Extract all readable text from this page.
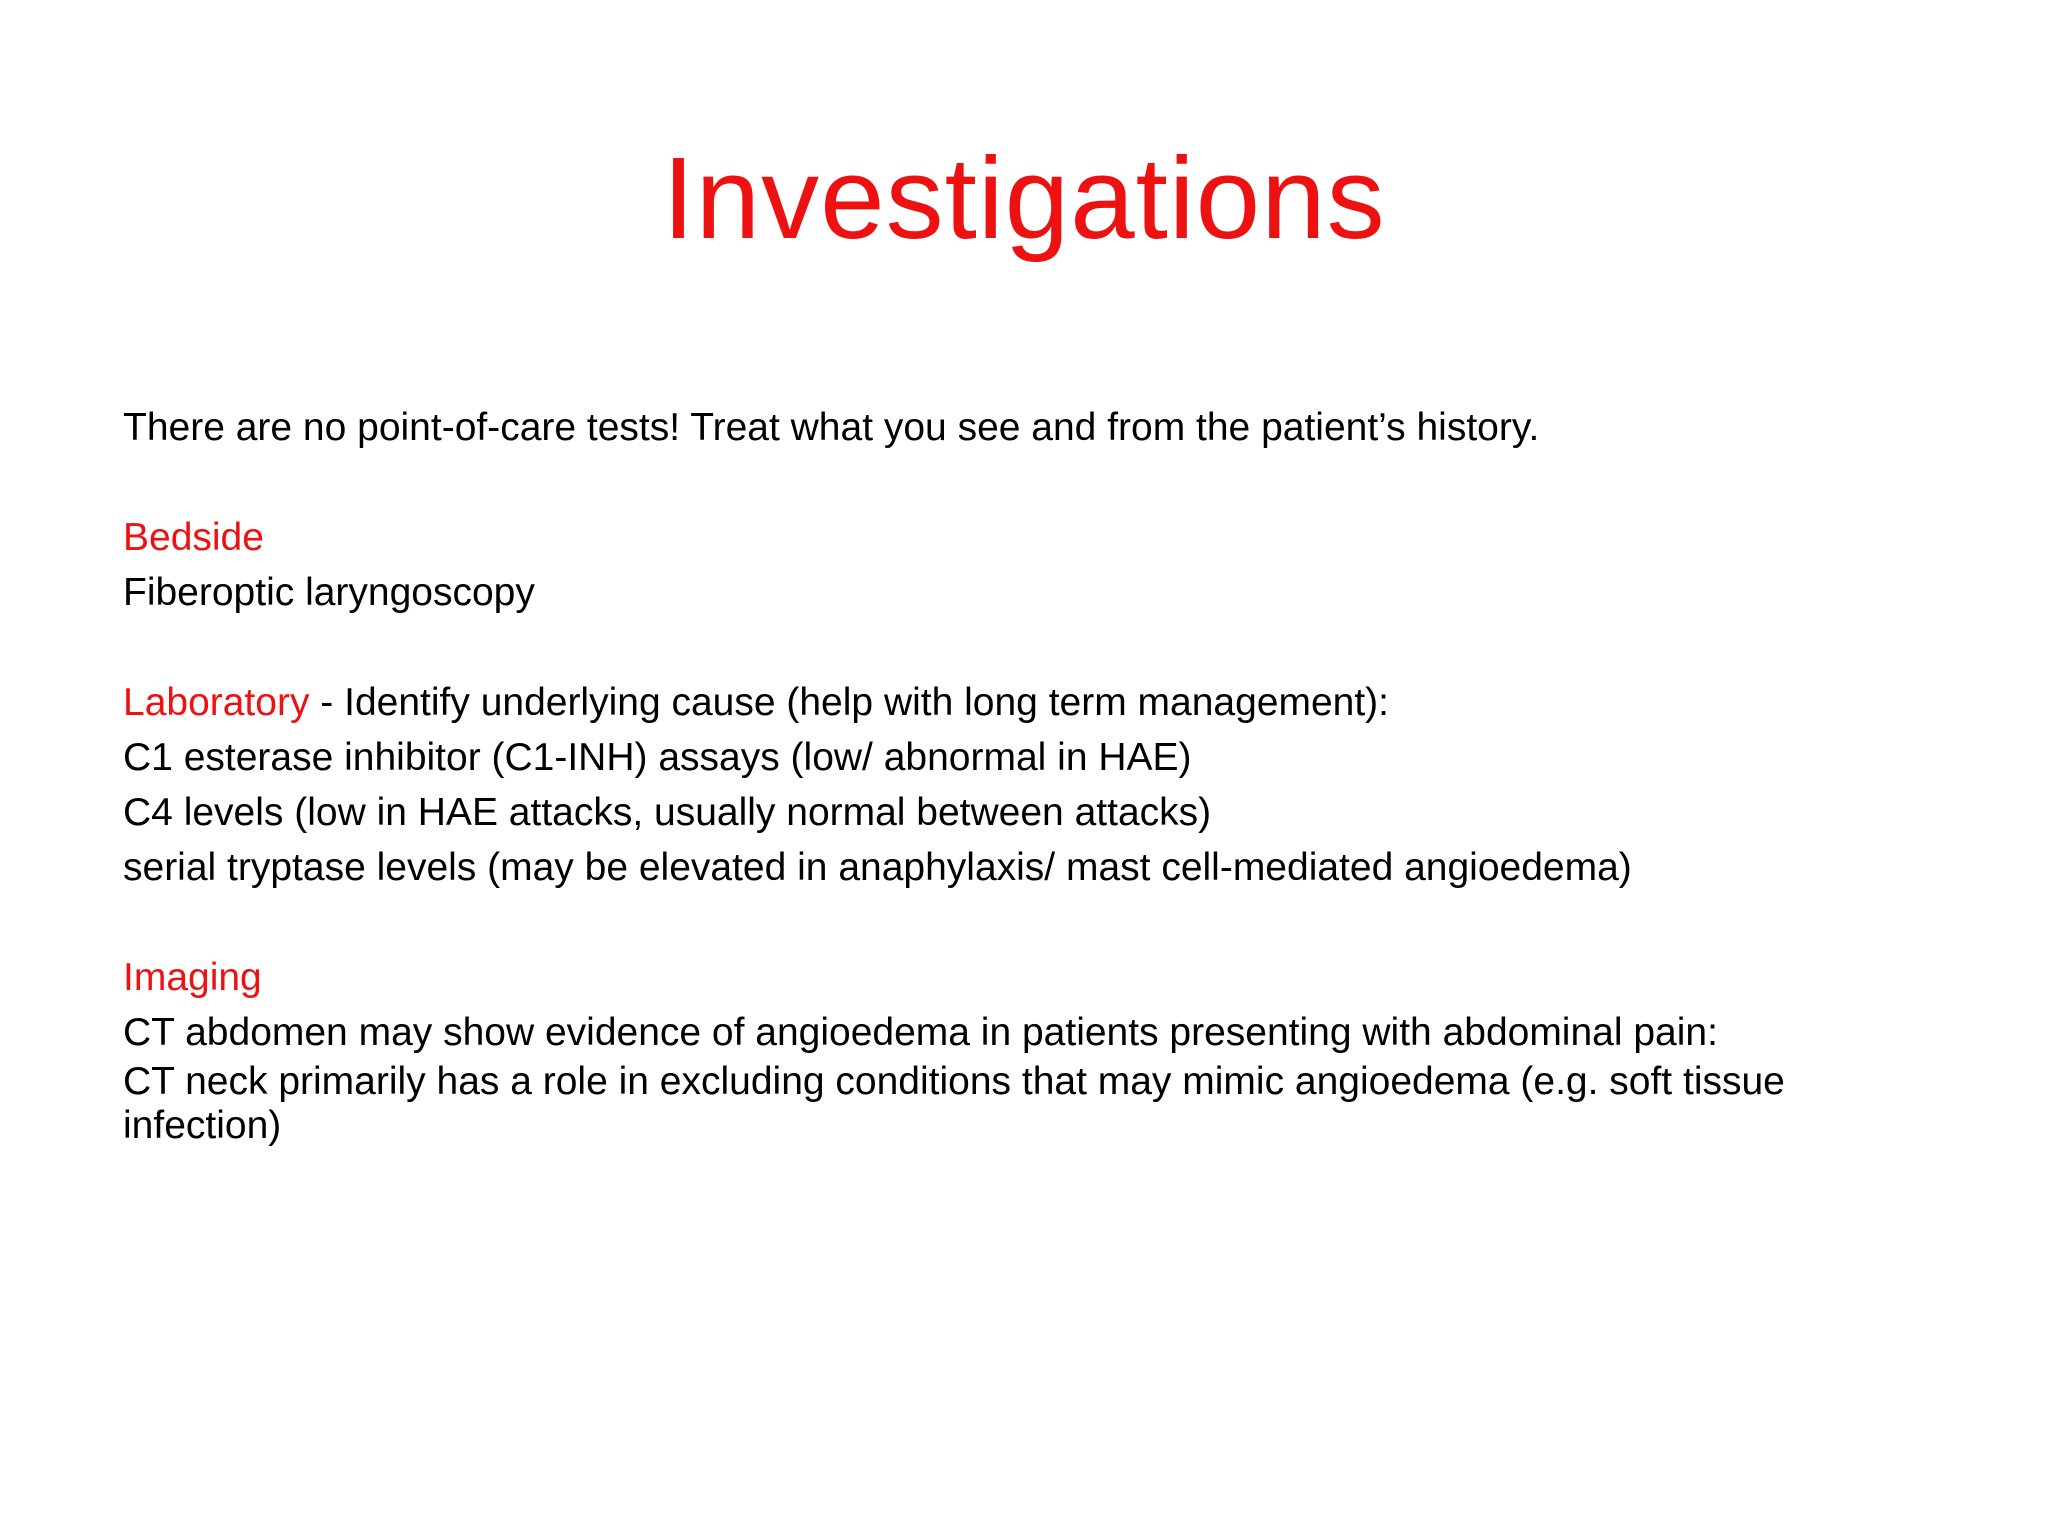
Investigations
There are no point-of-care tests! Treat what you see and from the patient’s history.
Bedside
Fiberoptic laryngoscopy
Laboratory - Identify underlying cause (help with long term management):
C1 esterase inhibitor (C1-INH) assays (low/ abnormal in HAE)
C4 levels (low in HAE attacks, usually normal between attacks)
serial tryptase levels (may be elevated in anaphylaxis/ mast cell-mediated angioedema)
Imaging
CT abdomen may show evidence of angioedema in patients presenting with abdominal pain:
CT neck primarily has a role in excluding conditions that may mimic angioedema (e.g. soft tissue infection)
